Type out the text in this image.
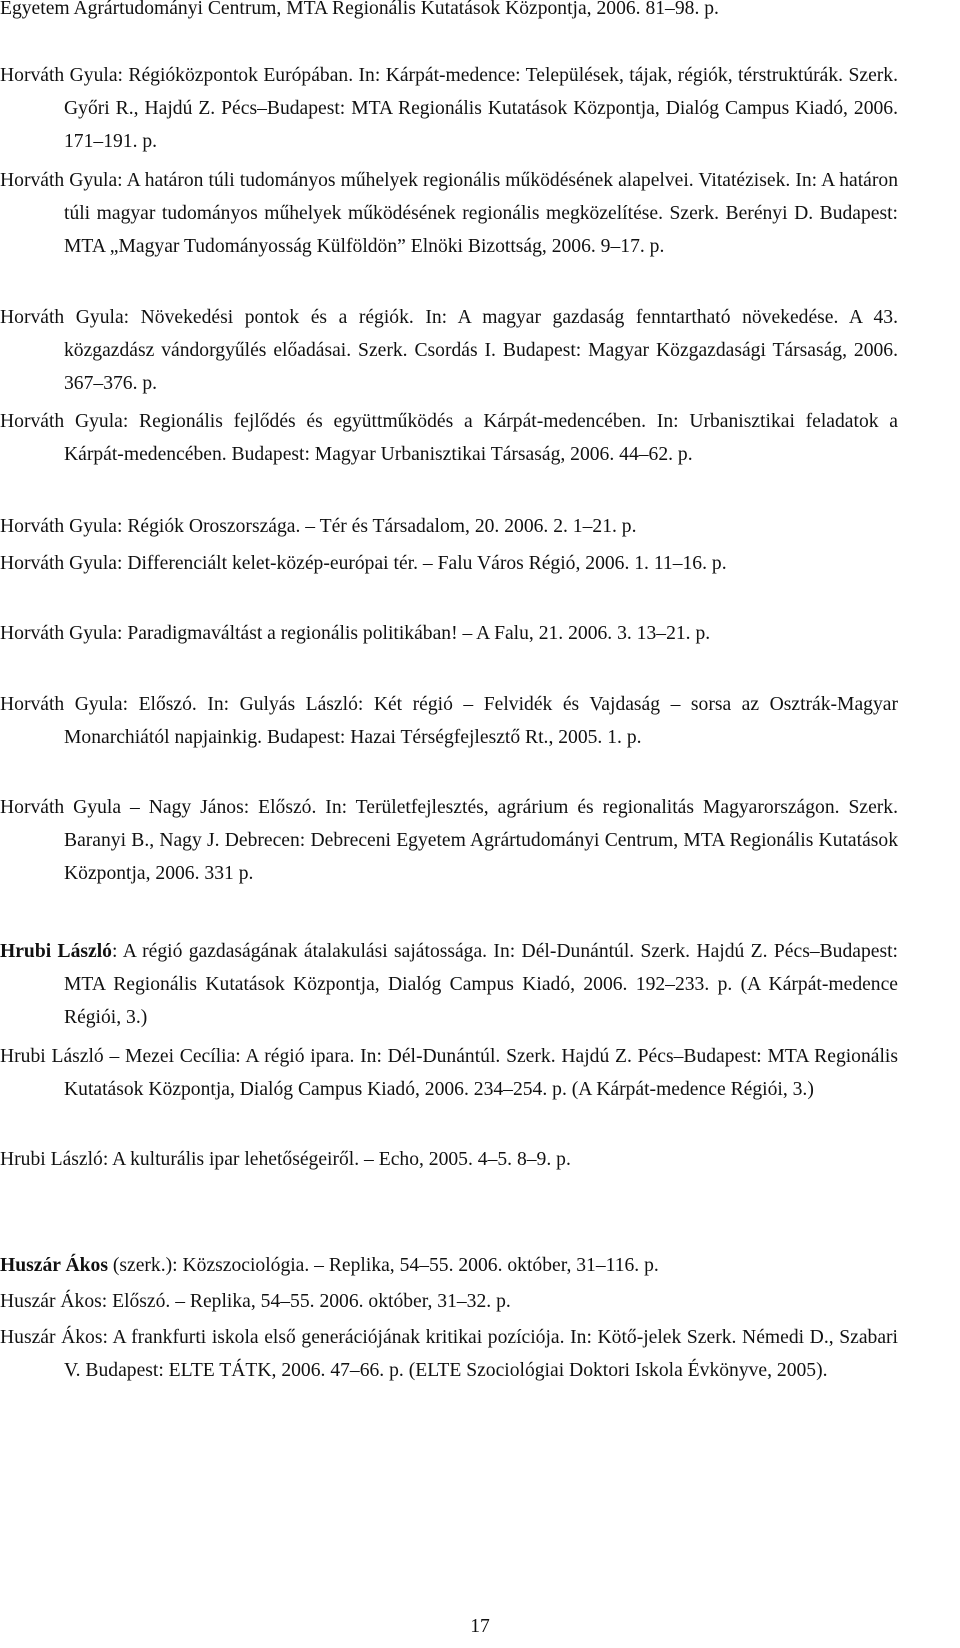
Egyetem Agrártudományi Centrum, MTA Regionális Kutatások Központja, 2006. 81–98. p.

Horváth Gyula: Régióközpontok Európában. In: Kárpát-medence: Települések, tájak, régiók, térstruktúrák. Szerk. Győri R., Hajdú Z. Pécs–Budapest: MTA Regionális Kutatások Központja, Dialóg Campus Kiadó, 2006. 171–191. p.

Horváth Gyula: A határon túli tudományos műhelyek regionális működésének alapelvei. Vitatézisek. In: A határon túli magyar tudományos műhelyek működésének regionális megközelítése. Szerk. Berényi D. Budapest: MTA „Magyar Tudományosság Külföldön” Elnöki Bizottság, 2006. 9–17. p.

Horváth Gyula: Növekedési pontok és a régiók. In: A magyar gazdaság fenntartható növekedése. A 43. közgazdász vándorgyűlés előadásai. Szerk. Csordás I. Budapest: Magyar Közgazdasági Társaság, 2006. 367–376. p.

Horváth Gyula: Regionális fejlődés és együttműködés a Kárpát-medencében. In: Urbanisztikai feladatok a Kárpát-medencében. Budapest: Magyar Urbanisztikai Társaság, 2006. 44–62. p.

Horváth Gyula: Régiók Oroszországa. – Tér és Társadalom, 20. 2006. 2. 1–21. p.

Horváth Gyula: Differenciált kelet-közép-európai tér. – Falu Város Régió, 2006. 1. 11–16. p.

Horváth Gyula: Paradigmaváltást a regionális politikában! – A Falu, 21. 2006. 3. 13–21. p.

Horváth Gyula: Előszó. In: Gulyás László: Két régió – Felvidék és Vajdaság – sorsa az Osztrák-Magyar Monarchiától napjainkig. Budapest: Hazai Térségfejlesztő Rt., 2005. 1. p.

Horváth Gyula – Nagy János: Előszó. In: Területfejlesztés, agrárium és regionalitás Magyarországon. Szerk. Baranyi B., Nagy J. Debrecen: Debreceni Egyetem Agrártudományi Centrum, MTA Regionális Kutatások Központja, 2006. 331 p.

Hrubi László: A régió gazdaságának átalakulási sajátossága. In: Dél-Dunántúl. Szerk. Hajdú Z. Pécs–Budapest: MTA Regionális Kutatások Központja, Dialóg Campus Kiadó, 2006. 192–233. p. (A Kárpát-medence Régiói, 3.)

Hrubi László – Mezei Cecília: A régió ipara. In: Dél-Dunántúl. Szerk. Hajdú Z. Pécs–Budapest: MTA Regionális Kutatások Központja, Dialóg Campus Kiadó, 2006. 234–254. p. (A Kárpát-medence Régiói, 3.)

Hrubi László: A kulturális ipar lehetőségeiről. – Echo, 2005. 4–5. 8–9. p.

Huszár Ákos (szerk.): Közszociológia. – Replika, 54–55. 2006. október, 31–116. p.

Huszár Ákos: Előszó. – Replika, 54–55. 2006. október, 31–32. p.

Huszár Ákos: A frankfurti iskola első generációjának kritikai pozíciója. In: Kötő-jelek Szerk. Némedi D., Szabari V. Budapest: ELTE TÁTK, 2006. 47–66. p. (ELTE Szociológiai Doktori Iskola Évkönyve, 2005).

17
